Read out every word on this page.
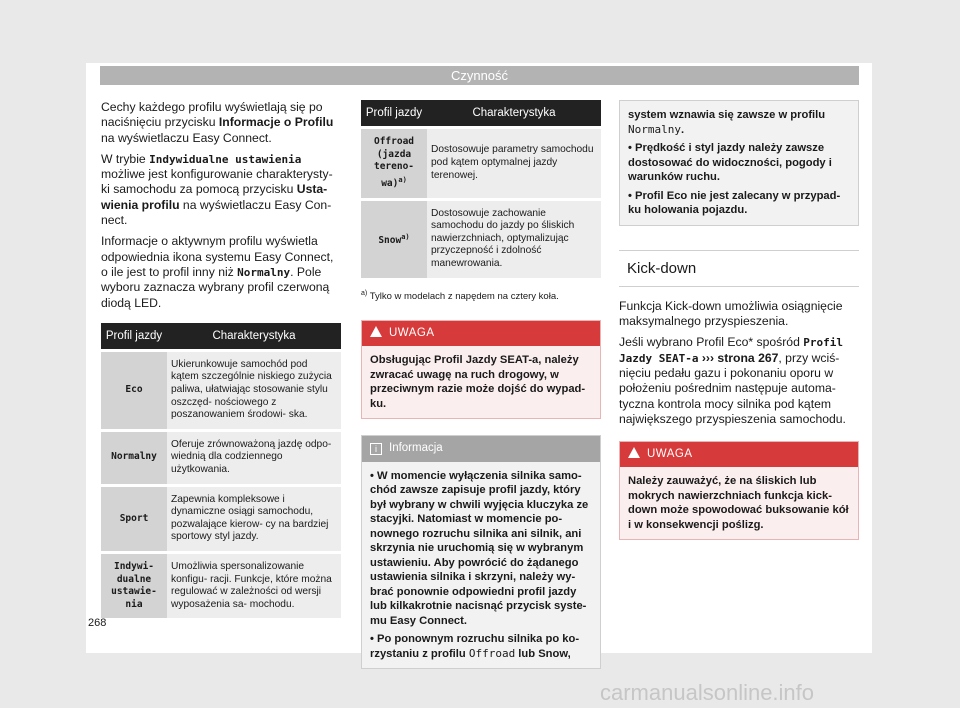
Czynność

Cechy każdego profilu wyświetlają się po naciśnięciu przycisku Informacje o Profilu na wyświetlaczu Easy Connect.

W trybie Indywidualne ustawienia możliwe jest konfigurowanie charakterysty- ki samochodu za pomocą przycisku Usta- wienia profilu na wyświetlaczu Easy Con- nect.

Informacje o aktywnym profilu wyświetla odpowiednia ikona systemu Easy Connect, o ile jest to profil inny niż Normalny. Pole wyboru zaznacza wybrany profil czerwoną diodą LED.

Profil jazdy	Charakterystyka

Eco	Ukierunkowuje samochód pod kątem szczególnie niskiego zużycia paliwa, ułatwiając stosowanie stylu oszczęd- nościowego z poszanowaniem środowi- ska.

Normalny	Oferuje zrównoważoną jazdę odpo- wiednią dla codziennego użytkowania.

Sport	Zapewnia kompleksowe i dynamiczne osiągi samochodu, pozwalające kierow- cy na bardziej sportowy styl jazdy.

Indywi- dualne ustawie- nia	Umożliwia spersonalizowanie konfigu- racji. Funkcje, które można regulować w zależności od wersji wyposażenia sa- mochodu.
Profil jazdy	Charakterystyka

Offroad (jazda tereno- wa)$^{a)}$	Dostosowuje parametry samochodu pod kątem optymalnej jazdy terenowej.

Snow$^{a)}$	Dostosowuje zachowanie samochodu do jazdy po śliskich nawierzchniach, optymalizując przyczepność i zdolność manewrowania.
$^{a)}$ Tylko w modelach z napędem na cztery koła.
UWAGA
Obsługując Profil Jazdy SEAT-a, należy zwracać uwagę na ruch drogowy, w przeciwnym razie może dojść do wypad- ku.
i Informacja
• W momencie wyłączenia silnika samo- chód zawsze zapisuje profil jazdy, który był wybrany w chwili wyjęcia kluczyka ze stacyjki. Natomiast w momencie po- nownego rozruchu silnika ani silnik, ani skrzynia nie uruchomią się w wybranym ustawieniu. Aby powrócić do żądanego ustawienia silnika i skrzyni, należy wy- brać ponownie odpowiedni profil jazdy lub kilkakrotnie nacisnąć przycisk syste- mu Easy Connect.
• Po ponownym rozruchu silnika po ko- rzystaniu z profilu Offroad lub Snow,
system wznawia się zawsze w profilu Normalny.
• Prędkość i styl jazdy należy zawsze dostosować do widoczności, pogody i warunków ruchu.
• Profil Eco nie jest zalecany w przypad- ku holowania pojazdu.
Kick-down

Funkcja Kick-down umożliwia osiągnięcie maksymalnego przyspieszenia.

Jeśli wybrano Profil Eco* spośród Profil Jazdy SEAT-a ››› strona 267, przy wciś- nięciu pedału gazu i pokonaniu oporu w położeniu pośrednim następuje automa- tyczna kontrola mocy silnika pod kątem największego przyspieszenia samochodu.

UWAGA
Należy zauważyć, że na śliskich lub mokrych nawierzchniach funkcja kick- down może spowodować buksowanie kół i w konsekwencji poślizg.
268
carmanualsonline.info
